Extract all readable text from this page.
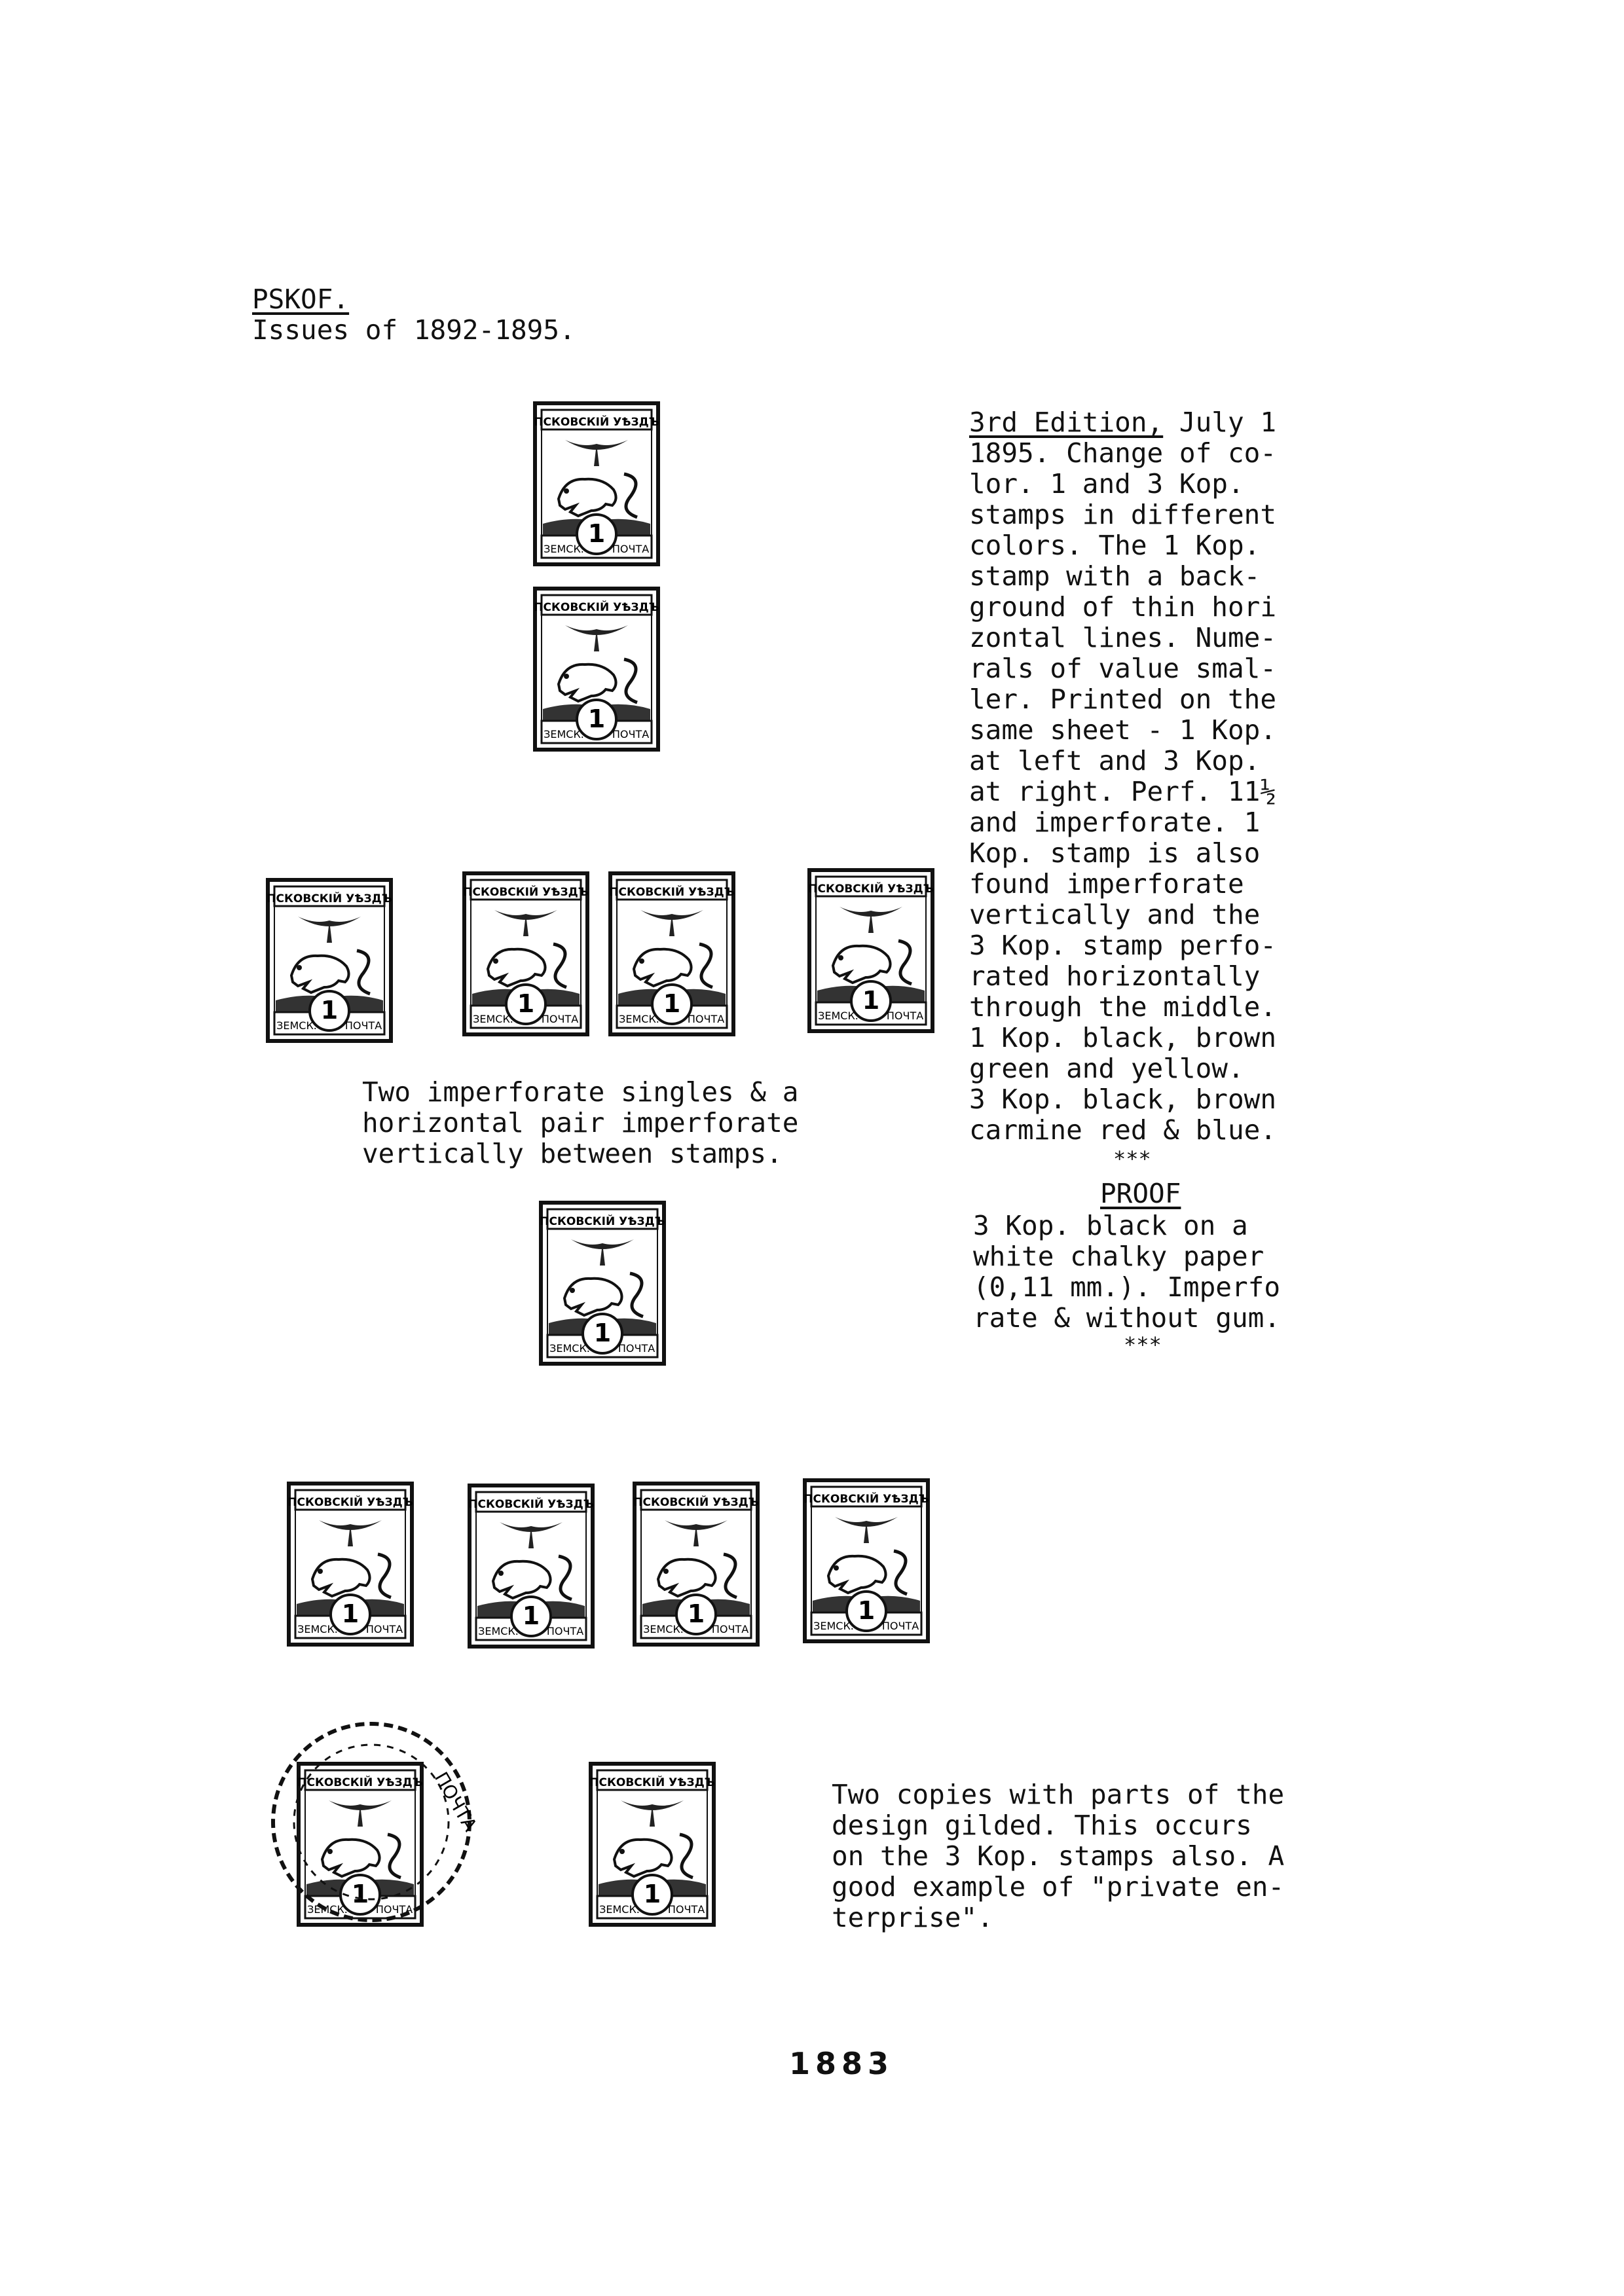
PSKOF.
Issues of 1892-1895.
3rd Edition, July 1
1895. Change of co-
lor. 1 and 3 Kop.
stamps in different
colors. The 1 Kop.
stamp with a back-
ground of thin hori
zontal lines. Nume-
rals of value smal-
ler. Printed on the
same sheet - 1 Kop.
at left and 3 Kop.
at right. Perf. 11½
and imperforate. 1
Kop. stamp is also
found imperforate
vertically and the
3 Kop. stamp perfo-
rated horizontally
through the middle.
1 Kop. black, brown
green and yellow.
3 Kop. black, brown
carmine red & blue.
***
PROOF
3 Kop. black on a
white chalky paper
(0,11 mm.). Imperfo
rate & without gum.
***
Two imperforate singles & a
horizontal pair imperforate
vertically between stamps.
Two copies with parts of the
design gilded. This occurs
on the 3 Kop. stamps also. A
good example of "private en-
terprise".
ПСКОВСКIЙ УѢЗДЪ
ЗЕМСК.	ПОЧТА
1
ПСКОВСКIЙ УѢЗДЪ
ЗЕМСК.	ПОЧТА
1
ПСКОВСКIЙ УѢЗДЪ
ЗЕМСК.	ПОЧТА
1
ПСКОВСКIЙ УѢЗДЪ
ЗЕМСК.	ПОЧТА
1
ПСКОВСКIЙ УѢЗДЪ
ЗЕМСК.	ПОЧТА
1
ПСКОВСКIЙ УѢЗДЪ
ЗЕМСК.	ПОЧТА
1
ПСКОВСКIЙ УѢЗДЪ
ЗЕМСК.	ПОЧТА
1
ПСКОВСКIЙ УѢЗДЪ
ЗЕМСК.	ПОЧТА
1
ПСКОВСКIЙ УѢЗДЪ
ЗЕМСК.	ПОЧТА
1
ПСКОВСКIЙ УѢЗДЪ
ЗЕМСК.	ПОЧТА
1
ПСКОВСКIЙ УѢЗДЪ
ЗЕМСК.	ПОЧТА
1
ПСКОВСКIЙ УѢЗДЪ
ЗЕМСК.	ПОЧТА
1
ПСКОВСКIЙ УѢЗДЪ
ЗЕМСК.	ПОЧТА
1
ПОЧТА
1883
